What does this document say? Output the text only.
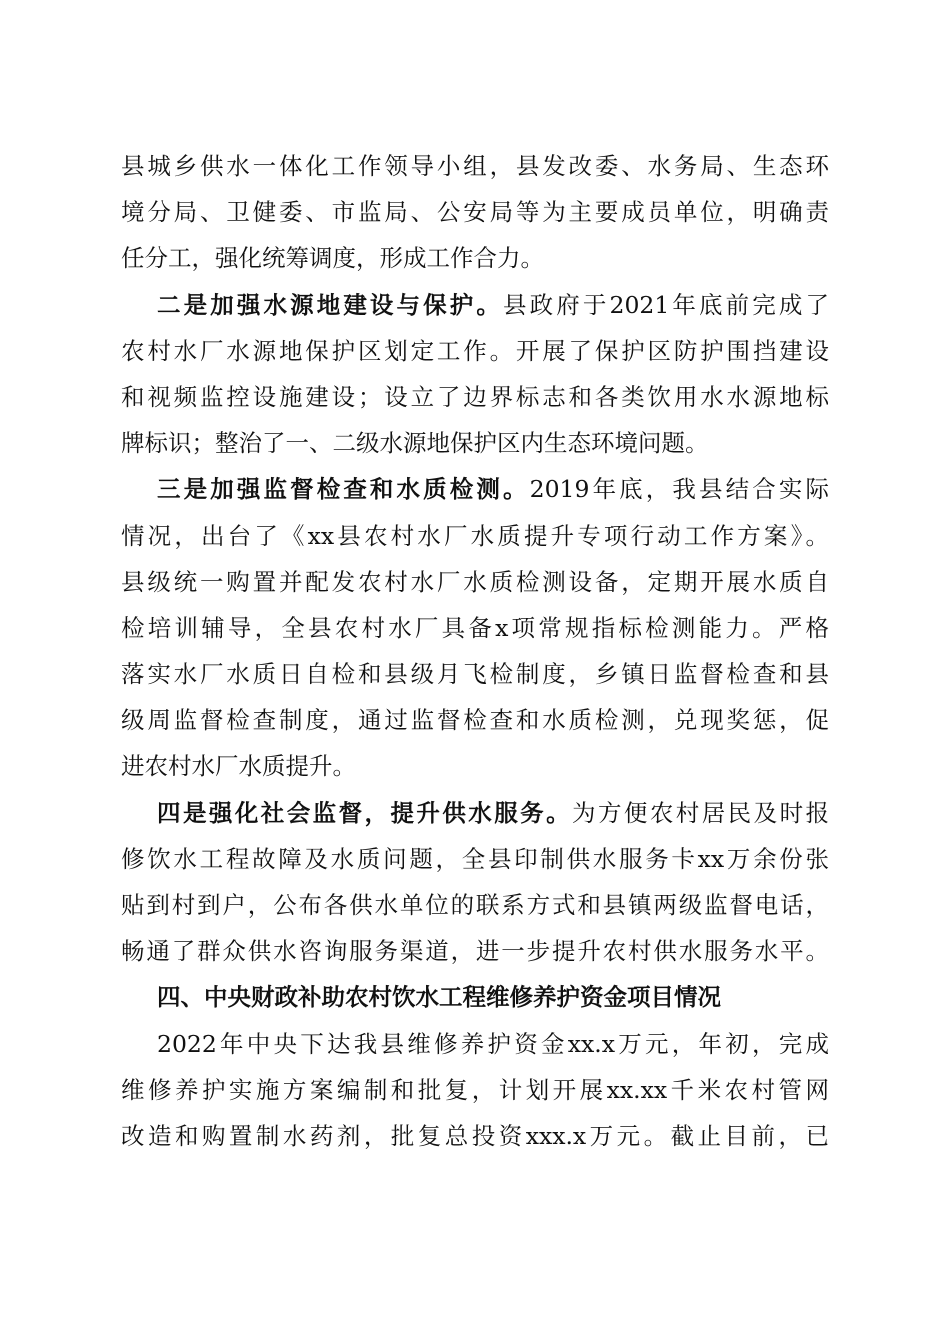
县城乡供水一体化工作领导小组，县发改委、水务局、生态环
境分局、卫健委、市监局、公安局等为主要成员单位，明确责
任分工，强化统筹调度，形成工作合力。
二是加强水源地建设与保护。县政府于2021年底前完成了
农村水厂水源地保护区划定工作。开展了保护区防护围挡建设
和视频监控设施建设；设立了边界标志和各类饮用水水源地标
牌标识；整治了一、二级水源地保护区内生态环境问题。
三是加强监督检查和水质检测。2019年底，我县结合实际
情况，出台了《xx县农村水厂水质提升专项行动工作方案》。
县级统一购置并配发农村水厂水质检测设备，定期开展水质自
检培训辅导，全县农村水厂具备x项常规指标检测能力。严格
落实水厂水质日自检和县级月飞检制度，乡镇日监督检查和县
级周监督检查制度，通过监督检查和水质检测，兑现奖惩，促
进农村水厂水质提升。
四是强化社会监督，提升供水服务。为方便农村居民及时报
修饮水工程故障及水质问题，全县印制供水服务卡xx万余份张
贴到村到户，公布各供水单位的联系方式和县镇两级监督电话，
畅通了群众供水咨询服务渠道，进一步提升农村供水服务水平。
四、中央财政补助农村饮水工程维修养护资金项目情况
2022年中央下达我县维修养护资金xx.x万元，年初，完成
维修养护实施方案编制和批复，计划开展xx.xx千米农村管网
改造和购置制水药剂，批复总投资xxx.x万元。截止目前，已
